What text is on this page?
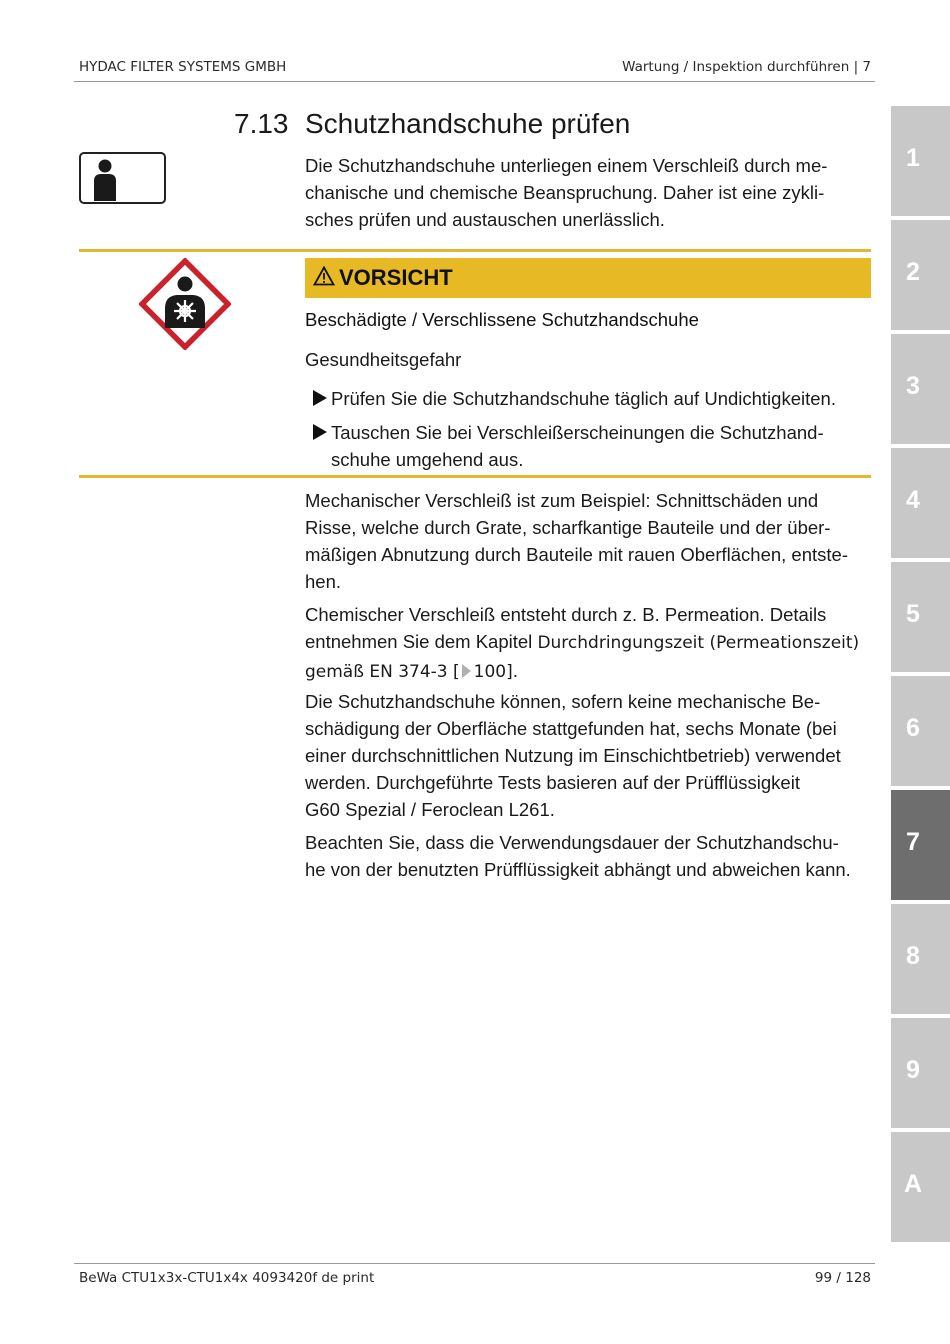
HYDAC FILTER SYSTEMS GMBH	Wartung / Inspektion durchführen | 7
7.13 Schutzhandschuhe prüfen
Die Schutzhandschuhe unterliegen einem Verschleiß durch me-
chanische und chemische Beanspruchung. Daher ist eine zykli-
sches prüfen und austauschen unerlässlich.
VORSICHT
Beschädigte / Verschlissene Schutzhandschuhe
Gesundheitsgefahr
Prüfen Sie die Schutzhandschuhe täglich auf Undichtigkeiten.
Tauschen Sie bei Verschleißerscheinungen die Schutzhand-
schuhe umgehend aus.
Mechanischer Verschleiß ist zum Beispiel: Schnittschäden und
Risse, welche durch Grate, scharfkantige Bauteile und der über-
mäßigen Abnutzung durch Bauteile mit rauen Oberflächen, entste-
hen.
Chemischer Verschleiß entsteht durch z. B. Permeation. Details
entnehmen Sie dem Kapitel Durchdringungszeit (Permeationszeit)
gemäß EN 374-3 [ 100].
Die Schutzhandschuhe können, sofern keine mechanische Be-
schädigung der Oberfläche stattgefunden hat, sechs Monate (bei
einer durchschnittlichen Nutzung im Einschichtbetrieb) verwendet
werden. Durchgeführte Tests basieren auf der Prüfflüssigkeit
G60 Spezial / Feroclean L261.
Beachten Sie, dass die Verwendungsdauer der Schutzhandschu-
he von der benutzten Prüfflüssigkeit abhängt und abweichen kann.
1
2
3
4
5
6
7
8
9
A
BeWa CTU1x3x-CTU1x4x 4093420f de print	99 / 128
